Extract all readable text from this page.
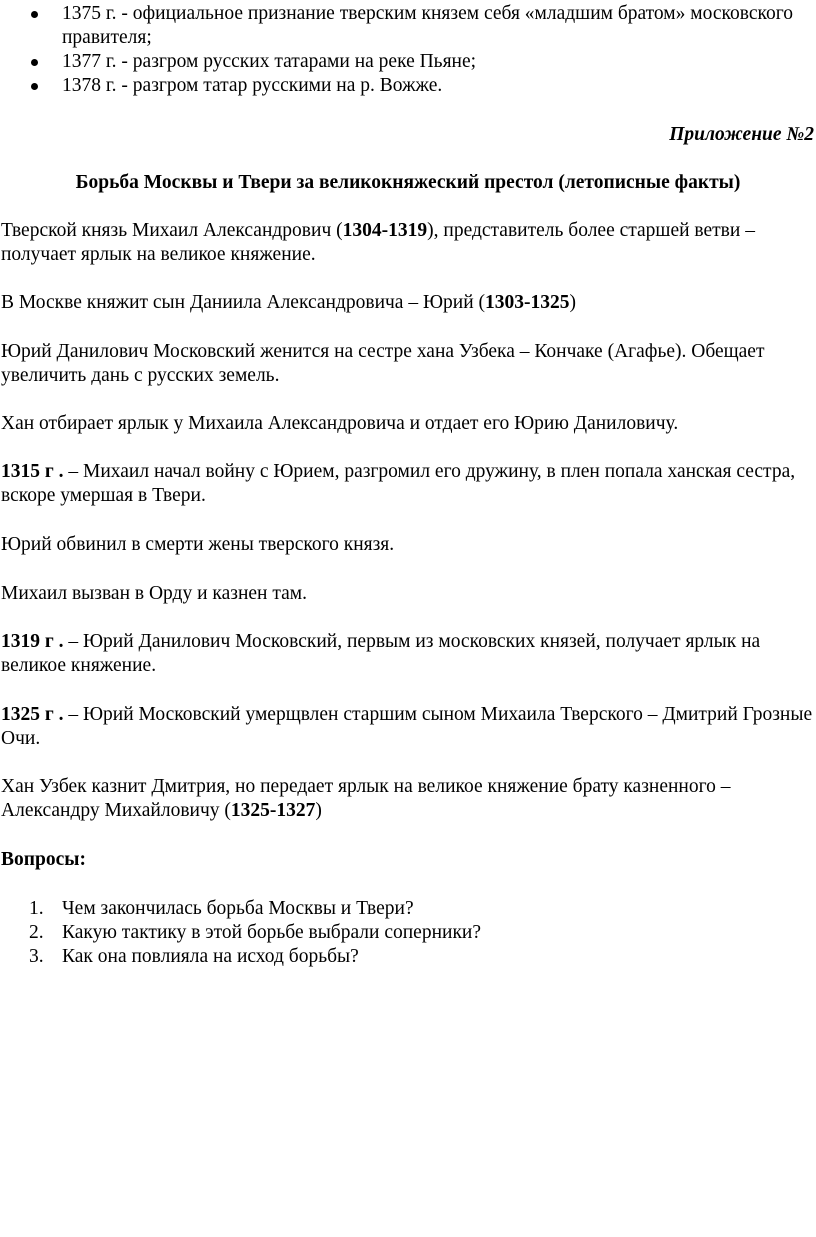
1375 г. - официальное признание тверским князем себя «младшим братом» московского правителя;
1377 г. - разгром русских татарами на реке Пьяне;
1378 г. - разгром татар русскими на р. Вожже.
Приложение №2
Борьба Москвы и Твери за великокняжеский престол (летописные факты)

Тверской князь Михаил Александрович (1304-1319), представитель более старшей ветви – получает ярлык на великое княжение.

В Москве княжит сын Даниила Александровича – Юрий (1303-1325)

Юрий Данилович Московский женится на сестре хана Узбека – Кончаке (Агафье). Обещает увеличить дань с русских земель.

Хан отбирает ярлык у Михаила Александровича и отдает его Юрию Даниловичу.

1315 г . – Михаил начал войну с Юрием, разгромил его дружину, в плен попала ханская сестра, вскоре умершая в Твери.

Юрий обвинил в смерти жены тверского князя.

Михаил вызван в Орду и казнен там.

1319 г . – Юрий Данилович Московский, первым из московских князей, получает ярлык на великое княжение.

1325 г . – Юрий Московский умерщвлен старшим сыном Михаила Тверского – Дмитрий Грозные Очи.

Хан Узбек казнит Дмитрия, но передает ярлык на великое княжение брату казненного – Александру Михайловичу (1325-1327)

Вопросы:

1. Чем закончилась борьба Москвы и Твери?
2. Какую тактику в этой борьбе выбрали соперники?
3. Как она повлияла на исход борьбы?
